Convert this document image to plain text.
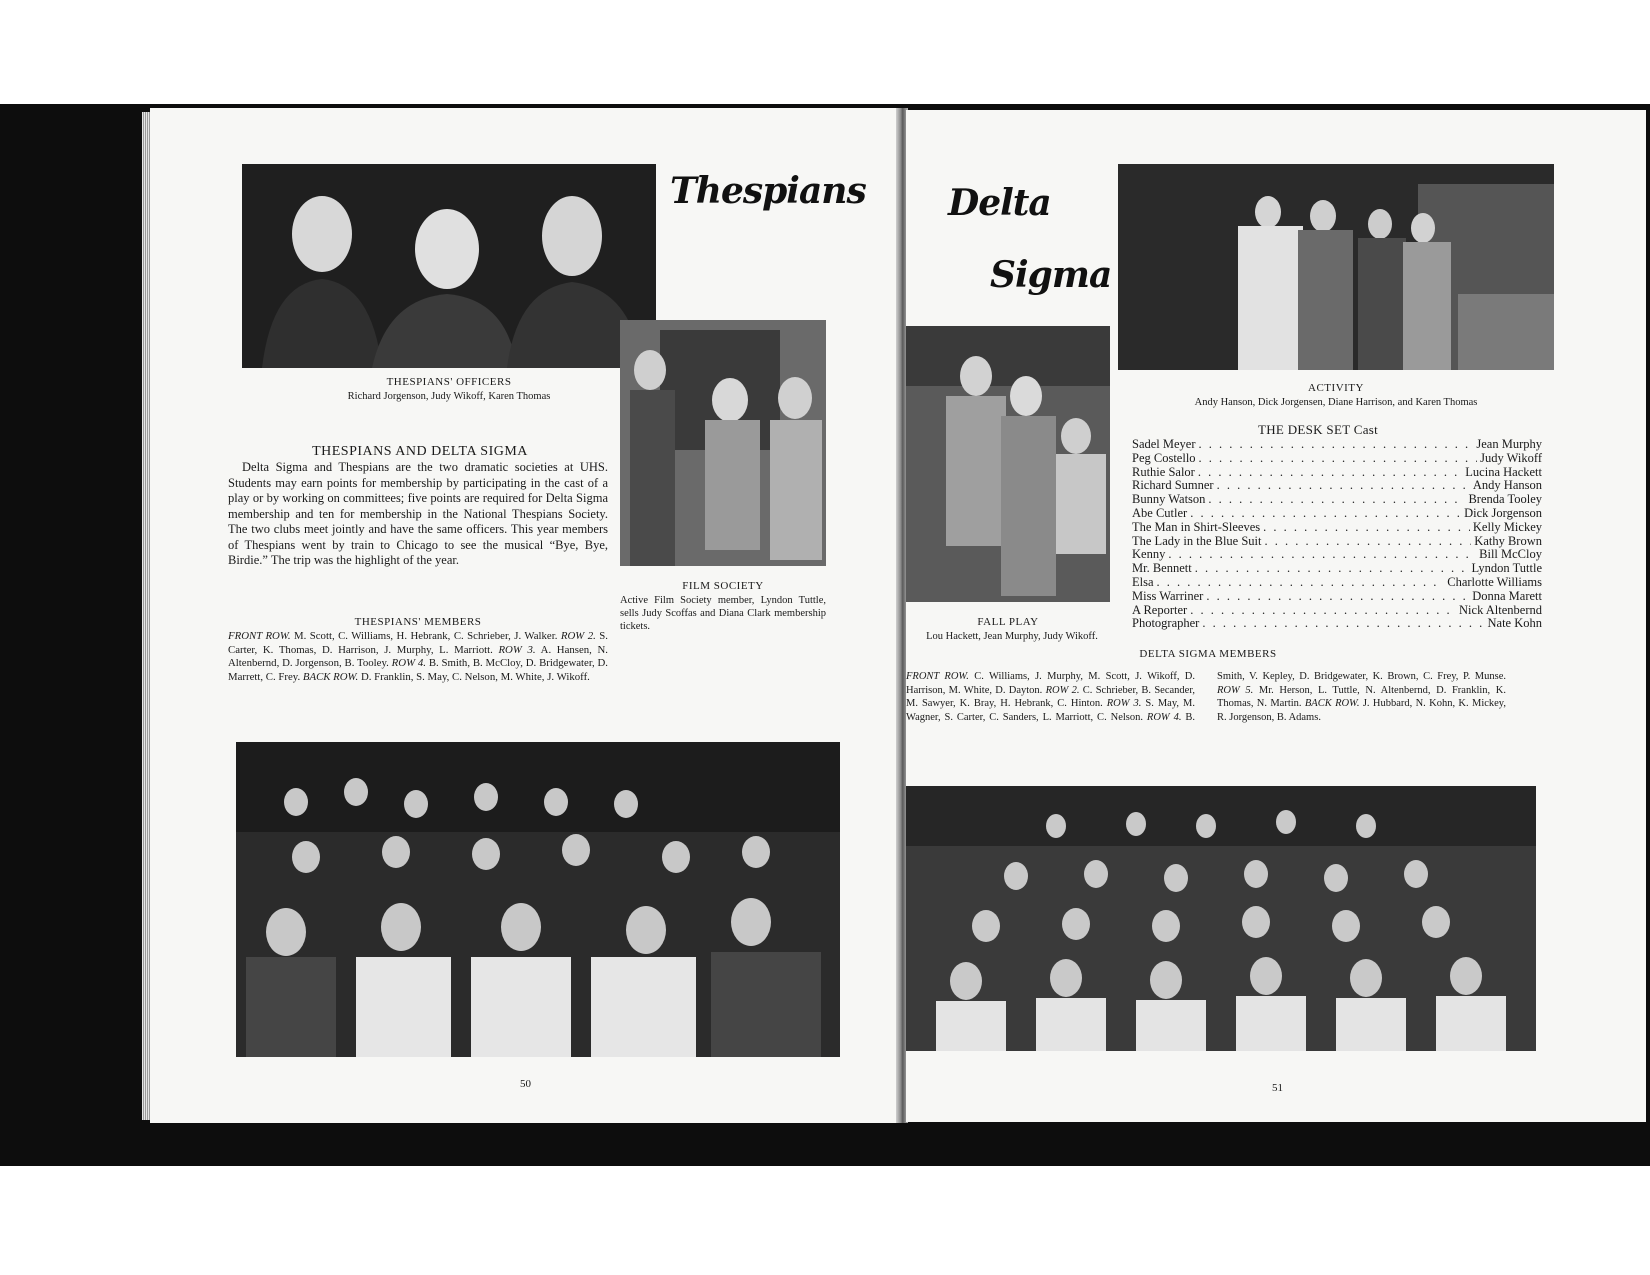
Thespians
THESPIANS' OFFICERS
Richard Jorgenson, Judy Wikoff, Karen Thomas
THESPIANS AND DELTA SIGMA
Delta Sigma and Thespians are the two dramatic societies at UHS. Students may earn points for membership by participating in the cast of a play or by working on committees; five points are required for Delta Sigma membership and ten for membership in the National Thespians Society. The two clubs meet jointly and have the same officers. This year members of Thespians went by train to Chicago to see the musical “Bye, Bye, Birdie.” The trip was the highlight of the year.
FILM SOCIETY
Active Film Society member, Lyndon Tuttle, sells Judy Scoffas and Diana Clark membership tickets.
THESPIANS' MEMBERS
FRONT ROW. M. Scott, C. Williams, H. Hebrank, C. Schrieber, J. Walker. ROW 2. S. Carter, K. Thomas, D. Harrison, J. Murphy, L. Marriott. ROW 3. A. Hansen, N. Altenbernd, D. Jorgenson, B. Tooley. ROW 4. B. Smith, B. McCloy, D. Bridgewater, D. Marrett, C. Frey. BACK ROW. D. Franklin, S. May, C. Nelson, M. White, J. Wikoff.
50
Delta
Sigma
ACTIVITY
Andy Hanson, Dick Jorgensen, Diane Harrison, and Karen Thomas
THE DESK SET Cast
Sadel Meyer . . .	Jean Murphy
Peg Costello . . .	Judy Wikoff
Ruthie Salor . . .	Lucina Hackett
Richard Sumner . . .	Andy Hanson
Bunny Watson . . .	Brenda Tooley
Abe Cutler . . .	Dick Jorgenson
The Man in Shirt-Sleeves . . .	Kelly Mickey
The Lady in the Blue Suit . . .	Kathy Brown
Kenny . . .	Bill McCloy
Mr. Bennett . . .	Lyndon Tuttle
Elsa . . .	Charlotte Williams
Miss Warriner . . .	Donna Marett
A Reporter . . .	Nick Altenbernd
Photographer . . .	Nate Kohn
FALL PLAY
Lou Hackett, Jean Murphy, Judy Wikoff.
DELTA SIGMA MEMBERS
FRONT ROW. C. Williams, J. Murphy, M. Scott, J. Wikoff, D. Harrison, M. White, D. Dayton. ROW 2. C. Schrieber, B. Secander, M. Sawyer, K. Bray, H. Hebrank, C. Hinton. ROW 3. S. May, M. Wagner, S. Carter, C. Sanders, L. Marriott, C. Nelson. ROW 4. B. Smith, V. Kepley, D. Bridgewater, K. Brown, C. Frey, P. Munse. ROW 5. Mr. Herson, L. Tuttle, N. Altenbernd, D. Franklin, K. Thomas, N. Martin. BACK ROW. J. Hubbard, N. Kohn, K. Mickey, R. Jorgenson, B. Adams.
51
